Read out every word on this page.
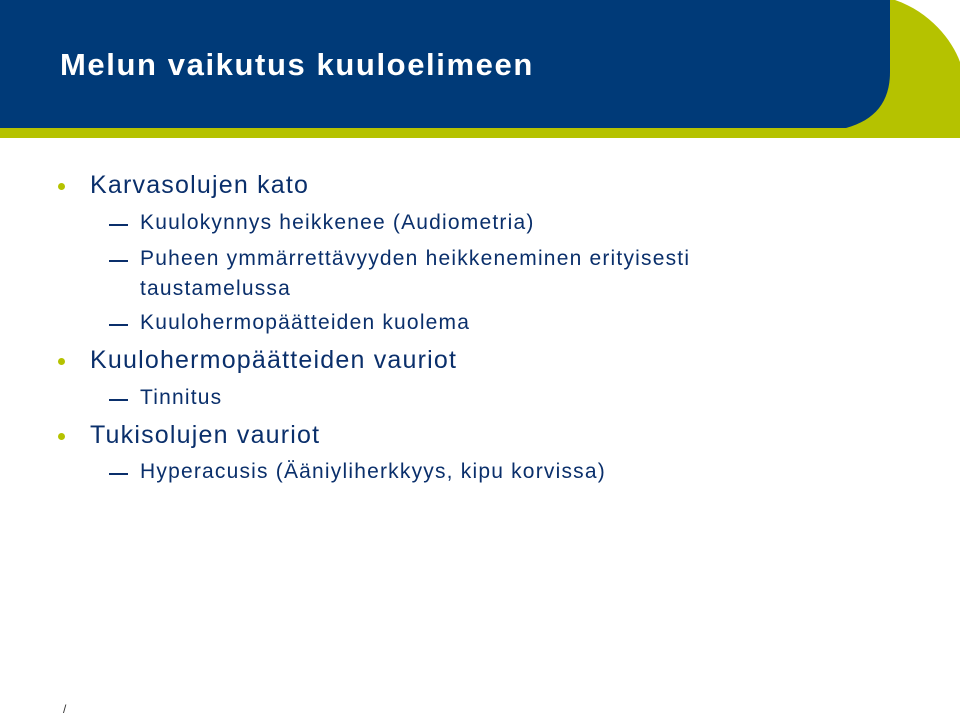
Melun vaikutus kuuloelimeen
Karvasolujen kato
Kuulokynnys heikkenee (Audiometria)
Puheen ymmärrettävyyden heikkeneminen erityisesti
taustamelussa
Kuulohermopäätteiden kuolema
Kuulohermopäätteiden vauriot
Tinnitus
Tukisolujen vauriot
Hyperacusis (Ääniyliherkkyys, kipu korvissa)
/
